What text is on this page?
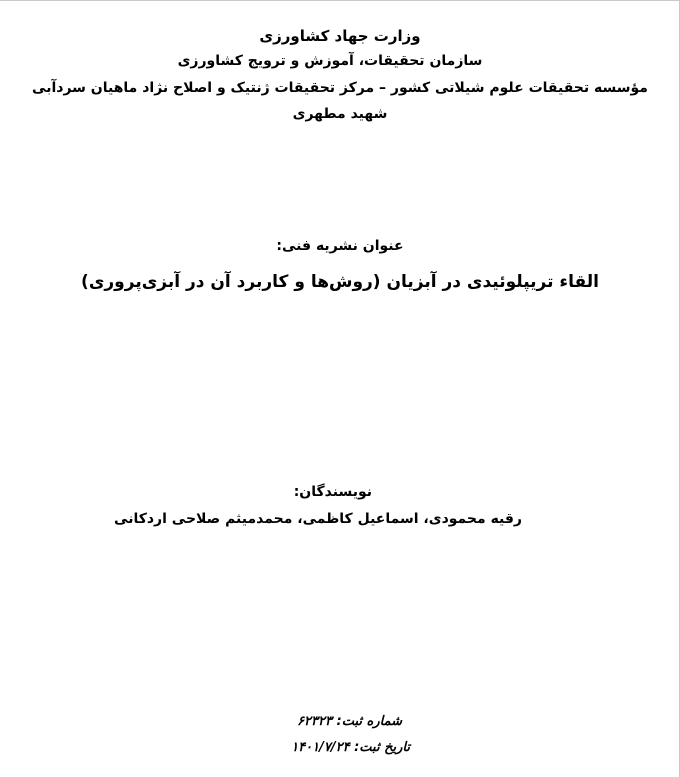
وزارت جهاد کشاورزی
سازمان تحقیقات، آموزش و ترویج کشاورزی
مؤسسه تحقیقات علوم شیلاتی کشور – مرکز تحقیقات ژنتیک و اصلاح نژاد ماهیان سردآبی
شهید مطهری
عنوان نشریه فنی:
القاء تریپلوئیدی در آبزیان (روش‌ها و کاربرد آن در آبزی‌پروری)
نویسندگان:
رقیه محمودی، اسماعیل کاظمی، محمدمیثم صلاحی اردکانی
شماره ثبت: ۶۲۳۲۳
تاریخ ثبت: ۱۴۰۱/۷/۲۴
